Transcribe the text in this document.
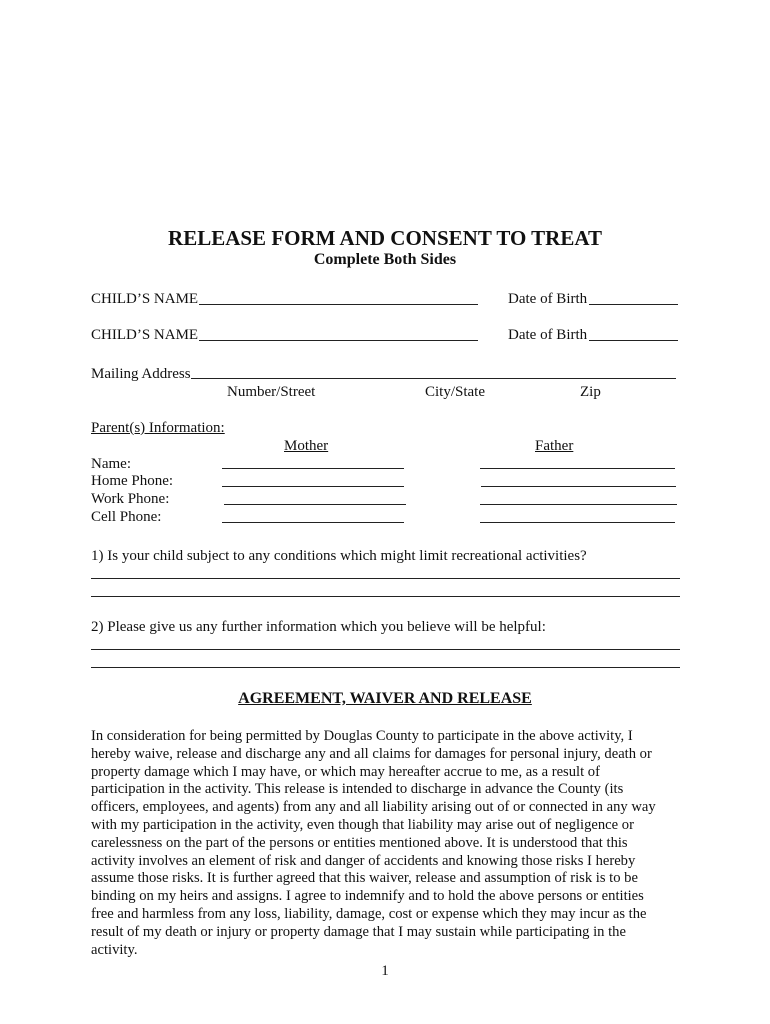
RELEASE FORM AND CONSENT TO TREAT
Complete Both Sides
CHILD’S NAME	Date of Birth
CHILD’S NAME	Date of Birth
Mailing Address
Number/Street	City/State	Zip
Parent(s) Information:
Mother	Father
Name:
Home Phone:
Work Phone:
Cell Phone:
1) Is your child subject to any conditions which might limit recreational activities?
2) Please give us any further information which you believe will be helpful:
AGREEMENT, WAIVER AND RELEASE
In consideration for being permitted by Douglas County to participate in the above activity, I
hereby waive, release and discharge any and all claims for damages for personal injury, death or
property damage which I may have, or which may hereafter accrue to me, as a result of
participation in the activity. This release is intended to discharge in advance the County (its
officers, employees, and agents) from any and all liability arising out of or connected in any way
with my participation in the activity, even though that liability may arise out of negligence or
carelessness on the part of the persons or entities mentioned above. It is understood that this
activity involves an element of risk and danger of accidents and knowing those risks I hereby
assume those risks. It is further agreed that this waiver, release and assumption of risk is to be
binding on my heirs and assigns. I agree to indemnify and to hold the above persons or entities
free and harmless from any loss, liability, damage, cost or expense which they may incur as the
result of my death or injury or property damage that I may sustain while participating in the
activity.
1
